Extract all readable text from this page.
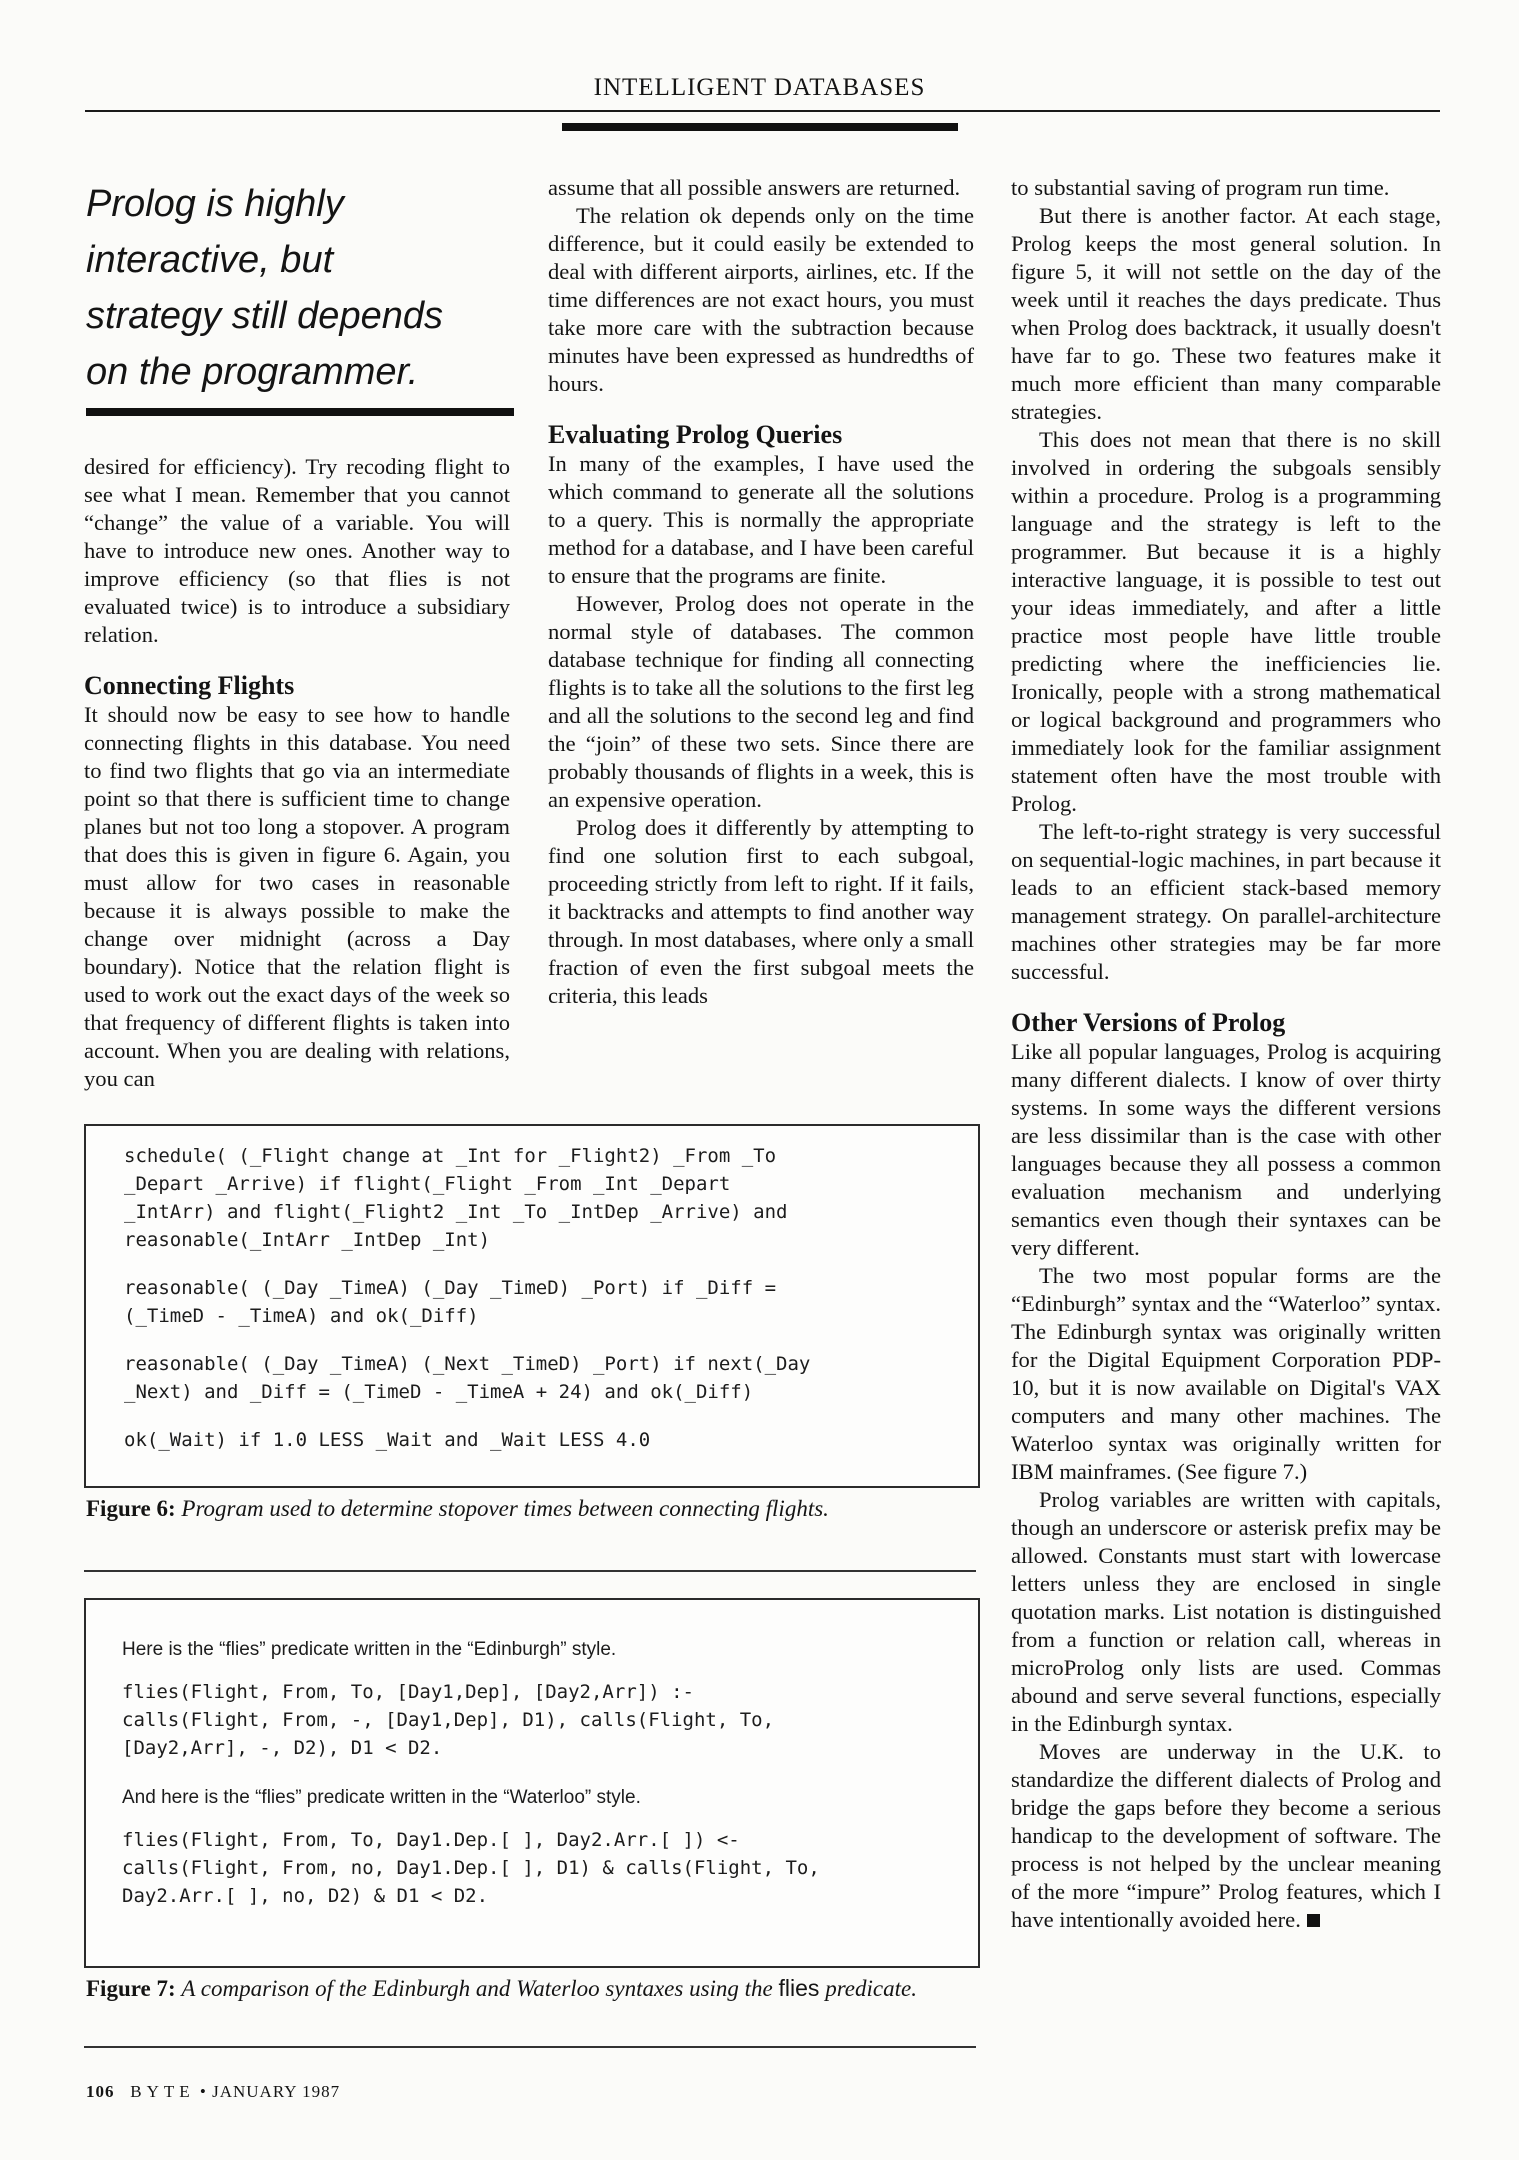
INTELLIGENT DATABASES
Prolog is highly
interactive, but
strategy still depends
on the programmer.

desired for efficiency). Try recoding flight to see what I mean. Remember that you cannot “change” the value of a variable. You will have to introduce new ones. Another way to improve efficiency (so that flies is not evaluated twice) is to introduce a subsidiary relation.

Connecting Flights

It should now be easy to see how to handle connecting flights in this database. You need to find two flights that go via an intermediate point so that there is sufficient time to change planes but not too long a stopover. A program that does this is given in figure 6. Again, you must allow for two cases in reasonable because it is always possible to make the change over midnight (across a Day boundary). Notice that the relation flight is used to work out the exact days of the week so that frequency of different flights is taken into account. When you are dealing with relations, you can

assume that all possible answers are returned.

The relation ok depends only on the time difference, but it could easily be extended to deal with different airports, airlines, etc. If the time differences are not exact hours, you must take more care with the subtraction because minutes have been expressed as hundredths of hours.

Evaluating Prolog Queries

In many of the examples, I have used the which command to generate all the solutions to a query. This is normally the appropriate method for a database, and I have been careful to ensure that the programs are finite.

However, Prolog does not operate in the normal style of databases. The common database technique for finding all connecting flights is to take all the solutions to the first leg and all the solutions to the second leg and find the “join” of these two sets. Since there are probably thousands of flights in a week, this is an expensive operation.

Prolog does it differently by attempting to find one solution first to each subgoal, proceeding strictly from left to right. If it fails, it backtracks and attempts to find another way through. In most databases, where only a small fraction of even the first subgoal meets the criteria, this leads

to substantial saving of program run time.

But there is another factor. At each stage, Prolog keeps the most general solution. In figure 5, it will not settle on the day of the week until it reaches the days predicate. Thus when Prolog does backtrack, it usually doesn't have far to go. These two features make it much more efficient than many comparable strategies.

This does not mean that there is no skill involved in ordering the subgoals sensibly within a procedure. Prolog is a programming language and the strategy is left to the programmer. But because it is a highly interactive language, it is possible to test out your ideas immediately, and after a little practice most people have little trouble predicting where the inefficiencies lie. Ironically, people with a strong mathematical or logical background and programmers who immediately look for the familiar assignment statement often have the most trouble with Prolog.

The left-to-right strategy is very successful on sequential-logic machines, in part because it leads to an efficient stack-based memory management strategy. On parallel-architecture machines other strategies may be far more successful.

Other Versions of Prolog

Like all popular languages, Prolog is acquiring many different dialects. I know of over thirty systems. In some ways the different versions are less dissimilar than is the case with other languages because they all possess a common evaluation mechanism and underlying semantics even though their syntaxes can be very different.

The two most popular forms are the “Edinburgh” syntax and the “Waterloo” syntax. The Edinburgh syntax was originally written for the Digital Equipment Corporation PDP-10, but it is now available on Digital's VAX computers and many other machines. The Waterloo syntax was originally written for IBM mainframes. (See figure 7.)

Prolog variables are written with capitals, though an underscore or asterisk prefix may be allowed. Constants must start with lowercase letters unless they are enclosed in single quotation marks. List notation is distinguished from a function or relation call, whereas in microProlog only lists are used. Commas abound and serve several functions, especially in the Edinburgh syntax.

Moves are underway in the U.K. to standardize the different dialects of Prolog and bridge the gaps before they become a serious handicap to the development of software. The process is not helped by the unclear meaning of the more “impure” Prolog features, which I have intentionally avoided here.

schedule( (_Flight change at _Int for _Flight2) _From _To
_Depart _Arrive) if flight(_Flight _From _Int _Depart
_IntArr) and flight(_Flight2 _Int _To _IntDep _Arrive) and
reasonable(_IntArr _IntDep _Int)
reasonable( (_Day _TimeA) (_Day _TimeD) _Port) if _Diff =
(_TimeD - _TimeA) and ok(_Diff)
reasonable( (_Day _TimeA) (_Next _TimeD) _Port) if next(_Day
_Next) and _Diff = (_TimeD - _TimeA + 24) and ok(_Diff)
ok(_Wait) if 1.0 LESS _Wait and _Wait LESS 4.0
Figure 6: Program used to determine stopover times between connecting flights.
Here is the “flies” predicate written in the “Edinburgh” style.
flies(Flight, From, To, [Day1,Dep], [Day2,Arr]) :-
calls(Flight, From, -, [Day1,Dep], D1), calls(Flight, To,
[Day2,Arr], -, D2), D1 < D2.
And here is the “flies” predicate written in the “Waterloo” style.
flies(Flight, From, To, Day1.Dep.[ ], Day2.Arr.[ ]) <-
calls(Flight, From, no, Day1.Dep.[ ], D1) & calls(Flight, To,
Day2.Arr.[ ], no, D2) & D1 < D2.
Figure 7: A comparison of the Edinburgh and Waterloo syntaxes using the flies predicate.
106 BYTE • JANUARY 1987
